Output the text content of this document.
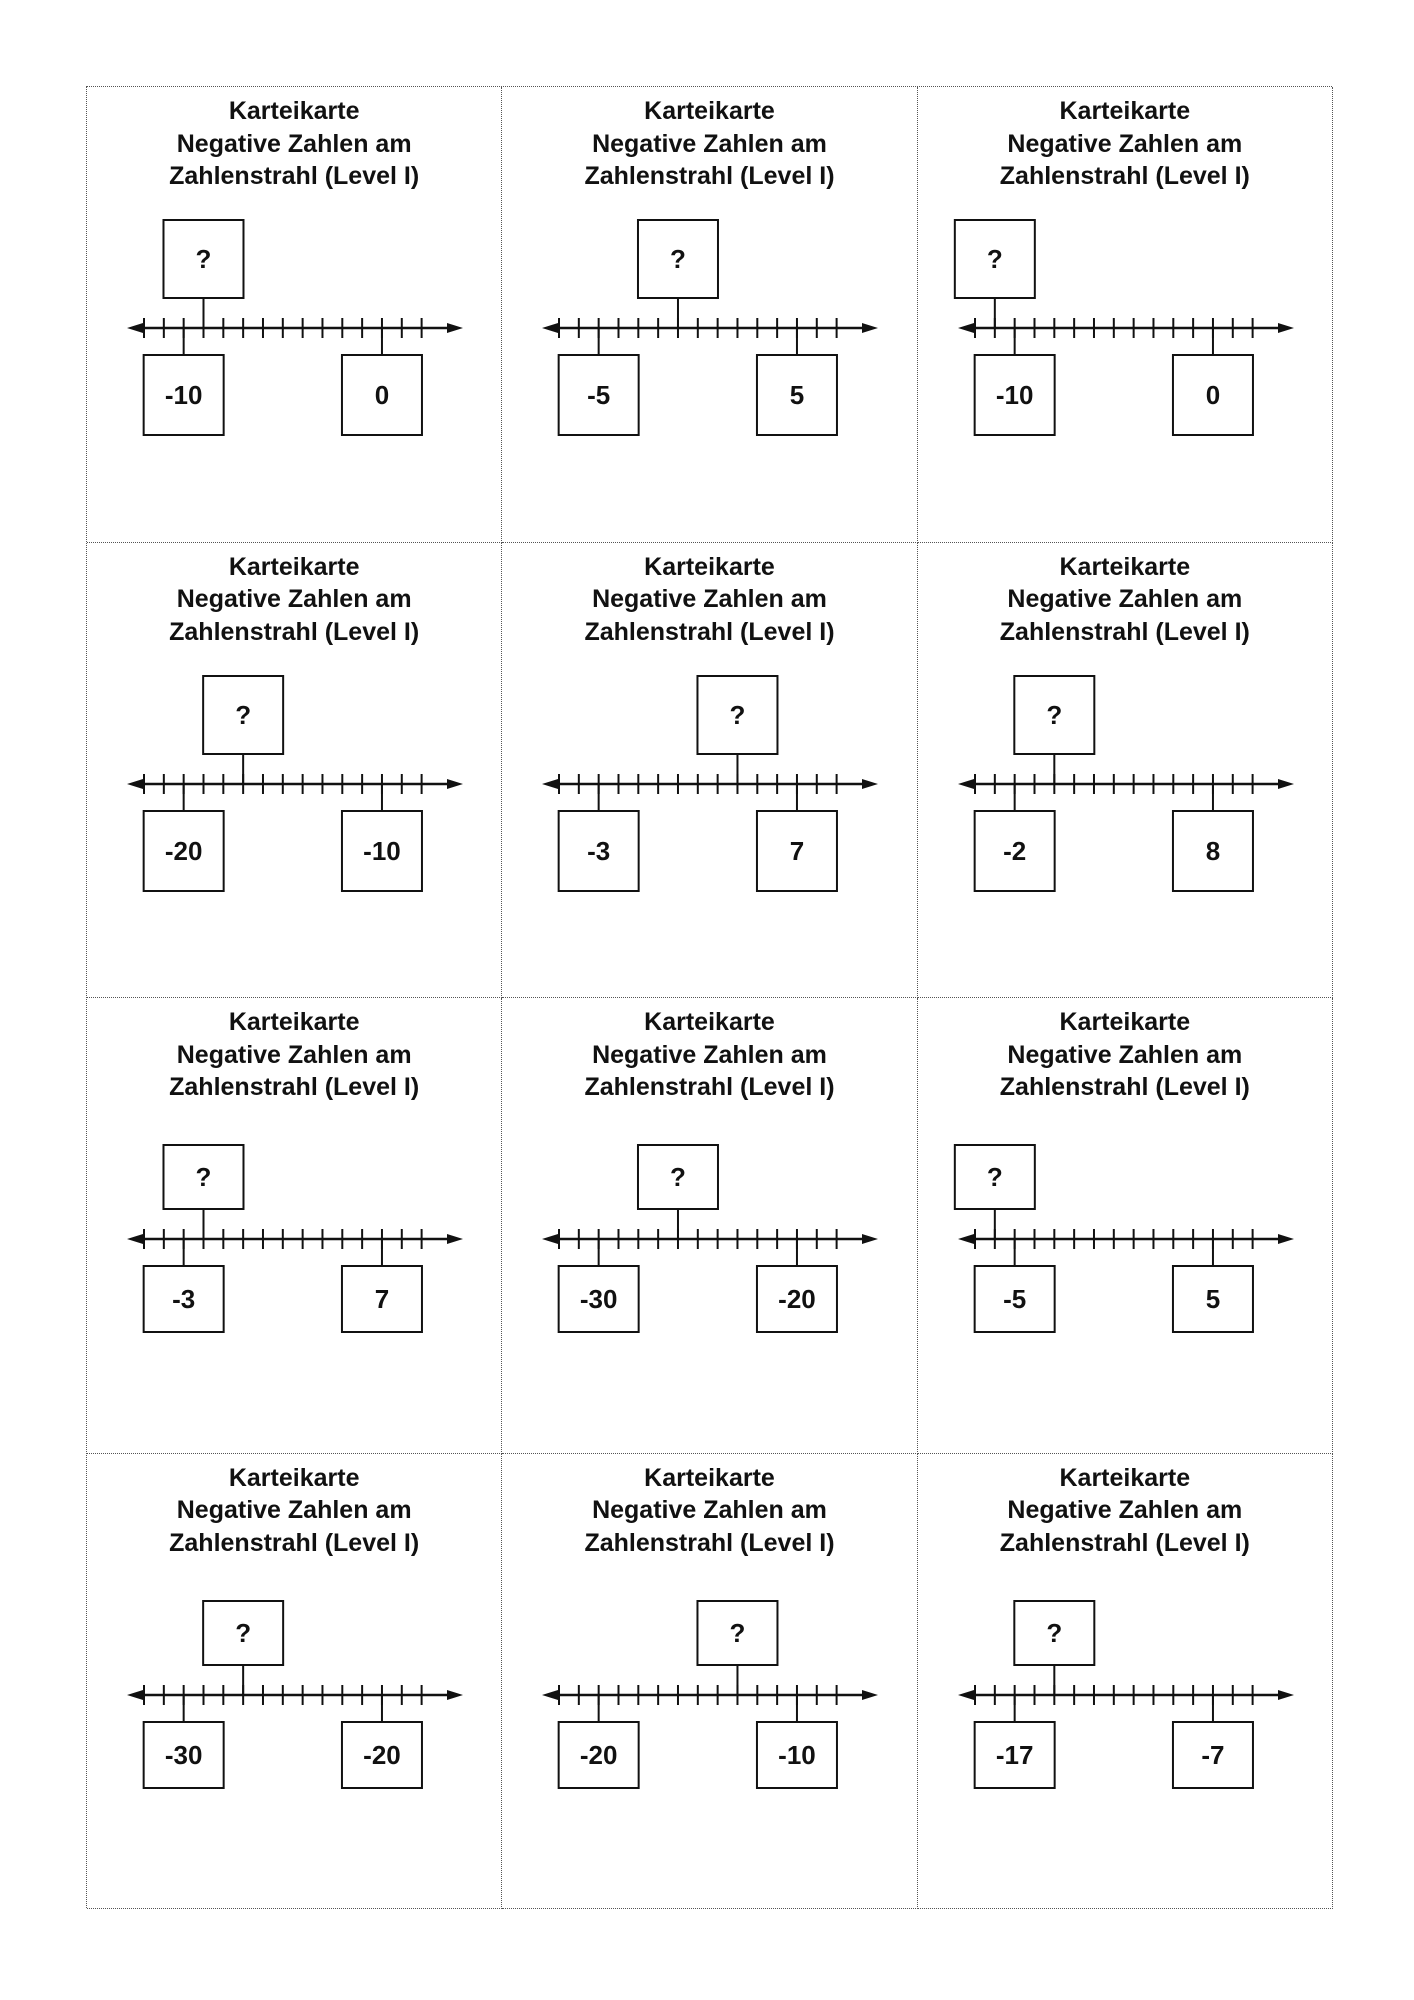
Karteikarte
Negative Zahlen am
Zahlenstrahl (Level I)
?
-10	0
Karteikarte
Negative Zahlen am
Zahlenstrahl (Level I)
?
-5	5
Karteikarte
Negative Zahlen am
Zahlenstrahl (Level I)
?
-10	0
Karteikarte
Negative Zahlen am
Zahlenstrahl (Level I)
?
-20	-10
Karteikarte
Negative Zahlen am
Zahlenstrahl (Level I)
?
-3	7
Karteikarte
Negative Zahlen am
Zahlenstrahl (Level I)
?
-2	8
Karteikarte
Negative Zahlen am
Zahlenstrahl (Level I)
?
-3	7
Karteikarte
Negative Zahlen am
Zahlenstrahl (Level I)
?
-30	-20
Karteikarte
Negative Zahlen am
Zahlenstrahl (Level I)
?
-5	5
Karteikarte
Negative Zahlen am
Zahlenstrahl (Level I)
?
-30	-20
Karteikarte
Negative Zahlen am
Zahlenstrahl (Level I)
?
-20	-10
Karteikarte
Negative Zahlen am
Zahlenstrahl (Level I)
?
-17	-7
